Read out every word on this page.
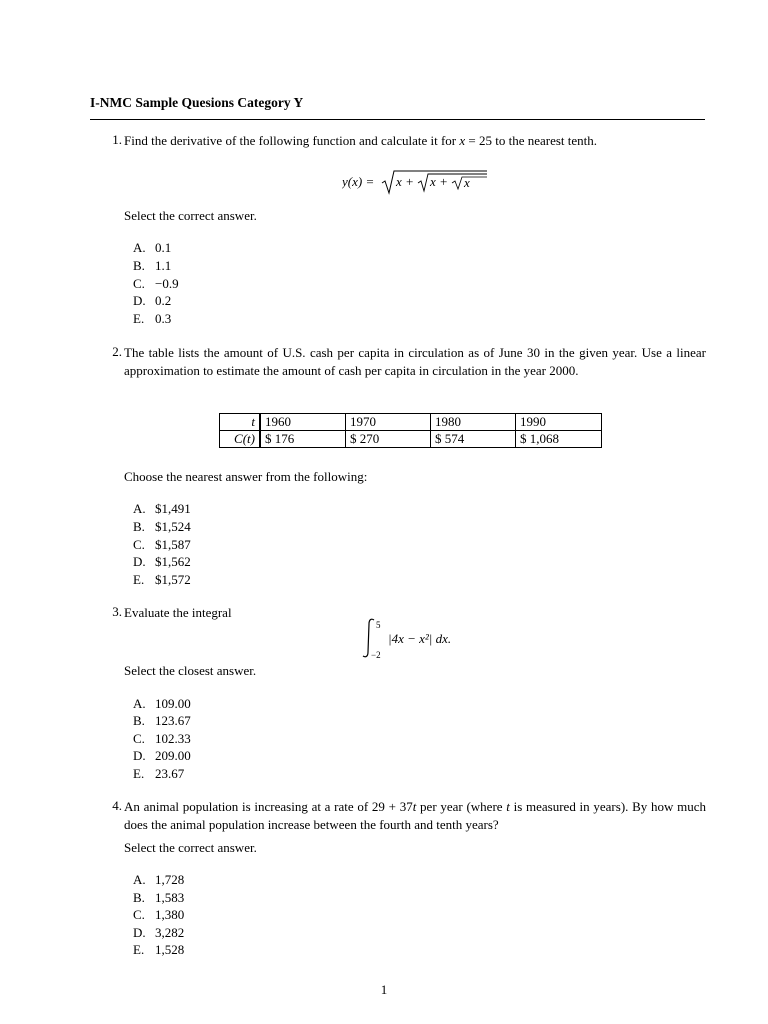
I-NMC Sample Quesions Category Y
1. Find the derivative of the following function and calculate it for x = 25 to the nearest tenth.
y(x) = x + x + x
Select the correct answer.
A. 0.1
B. 1.1
C. −0.9
D. 0.2
E. 0.3
2. The table lists the amount of U.S. cash per capita in circulation as of June 30 in the given year. Use a linear approximation to estimate the amount of cash per capita in circulation in the year 2000.
t	1960	1970	1980	1990
C(t)	$ 176	$ 270	$ 574	$ 1,068
Choose the nearest answer from the following:
A. $1,491
B. $1,524
C. $1,587
D. $1,562
E. $1,572
3. Evaluate the integral
5
−2
|4x − x²| dx.
Select the closest answer.
A. 109.00
B. 123.67
C. 102.33
D. 209.00
E. 23.67
4. An animal population is increasing at a rate of 29 + 37t per year (where t is measured in years). By how much does the animal population increase between the fourth and tenth years?
Select the correct answer.
A. 1,728
B. 1,583
C. 1,380
D. 3,282
E. 1,528
1
